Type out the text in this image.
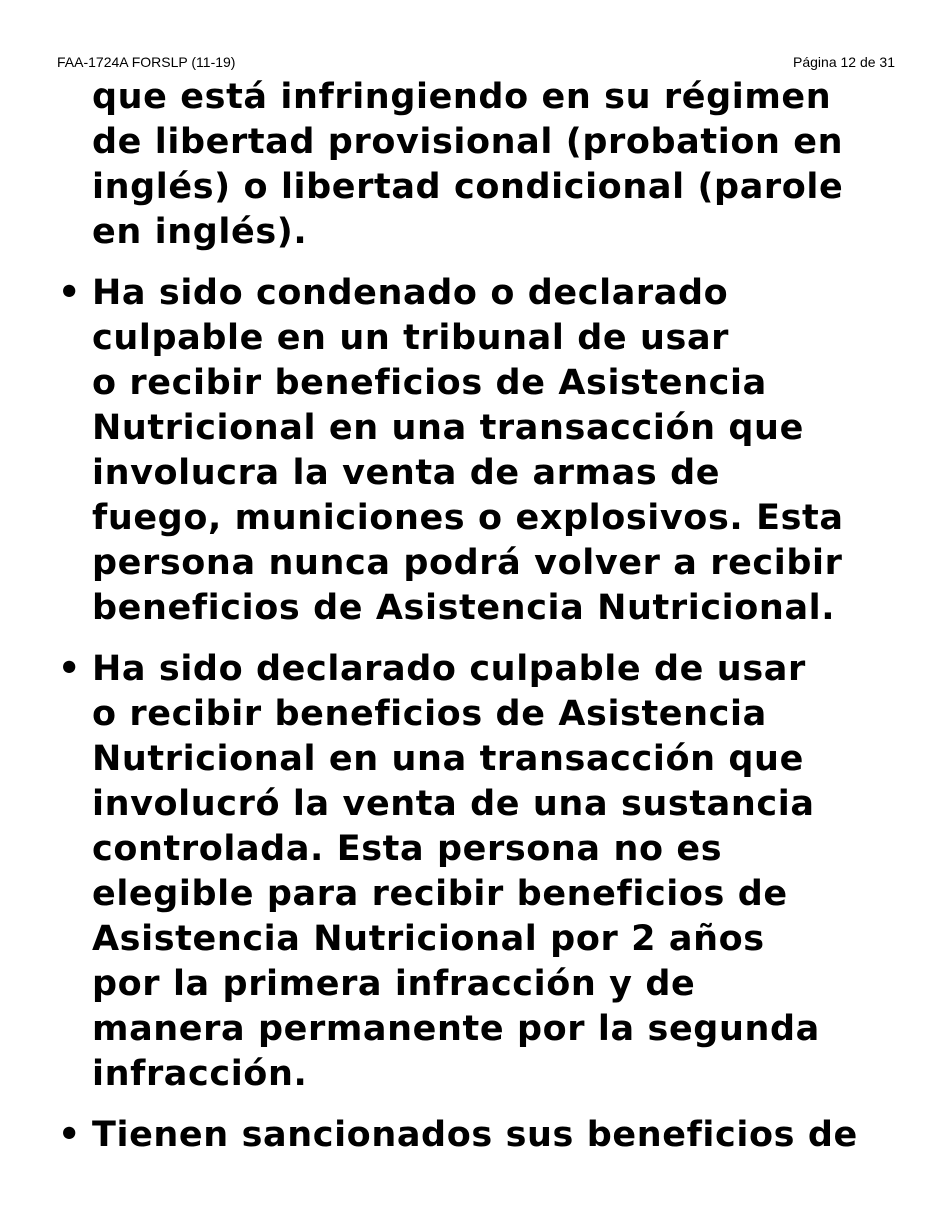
FAA-1724A FORSLP (11-19)	Página 12 de 31
que está infringiendo en su régimen
de libertad provisional (probation en
inglés) o libertad condicional (parole
en inglés).
• Ha sido condenado o declarado
culpable en un tribunal de usar
o recibir beneficios de Asistencia
Nutricional en una transacción que
involucra la venta de armas de
fuego, municiones o explosivos. Esta
persona nunca podrá volver a recibir
beneficios de Asistencia Nutricional.
• Ha sido declarado culpable de usar
o recibir beneficios de Asistencia
Nutricional en una transacción que
involucró la venta de una sustancia
controlada. Esta persona no es
elegible para recibir beneficios de
Asistencia Nutricional por 2 años
por la primera infracción y de
manera permanente por la segunda
infracción.
• Tienen sancionados sus beneficios de
